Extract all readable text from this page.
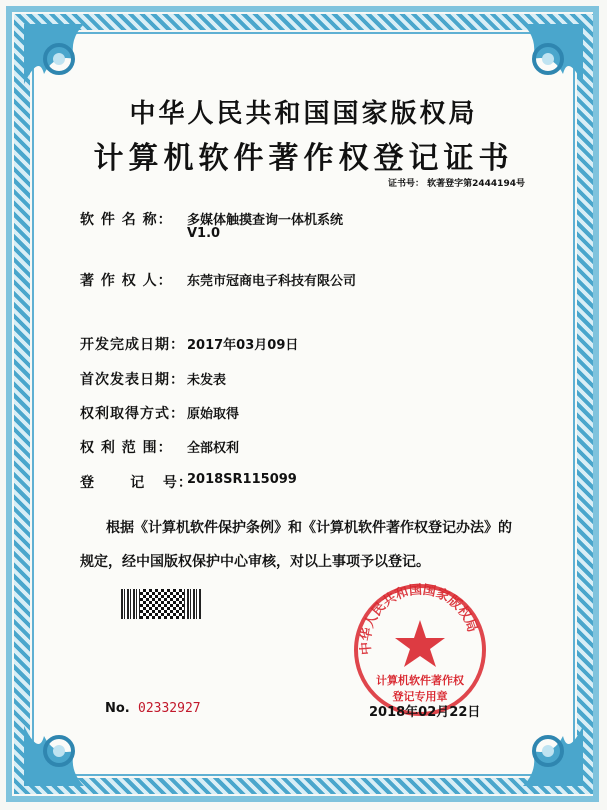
中华人民共和国国家版权局
计算机软件著作权登记证书
证书号： 软著登字第2444194号
软 件 名 称： 多媒体触摸查询一体机系统
V1.0
著 作 权 人： 东莞市冠商电子科技有限公司
开发完成日期： 2017年03月09日
首次发表日期： 未发表
权利取得方式： 原始取得
权 利 范 围： 全部权利
登      记   号：
2018SR115099
根据《计算机软件保护条例》和《计算机软件著作权登记办法》的
规定，经中国版权保护中心审核，对以上事项予以登记。
中华人民共和国国家版权局
计算机软件著作权
登记专用章
No. 02332927	2018年02月22日
